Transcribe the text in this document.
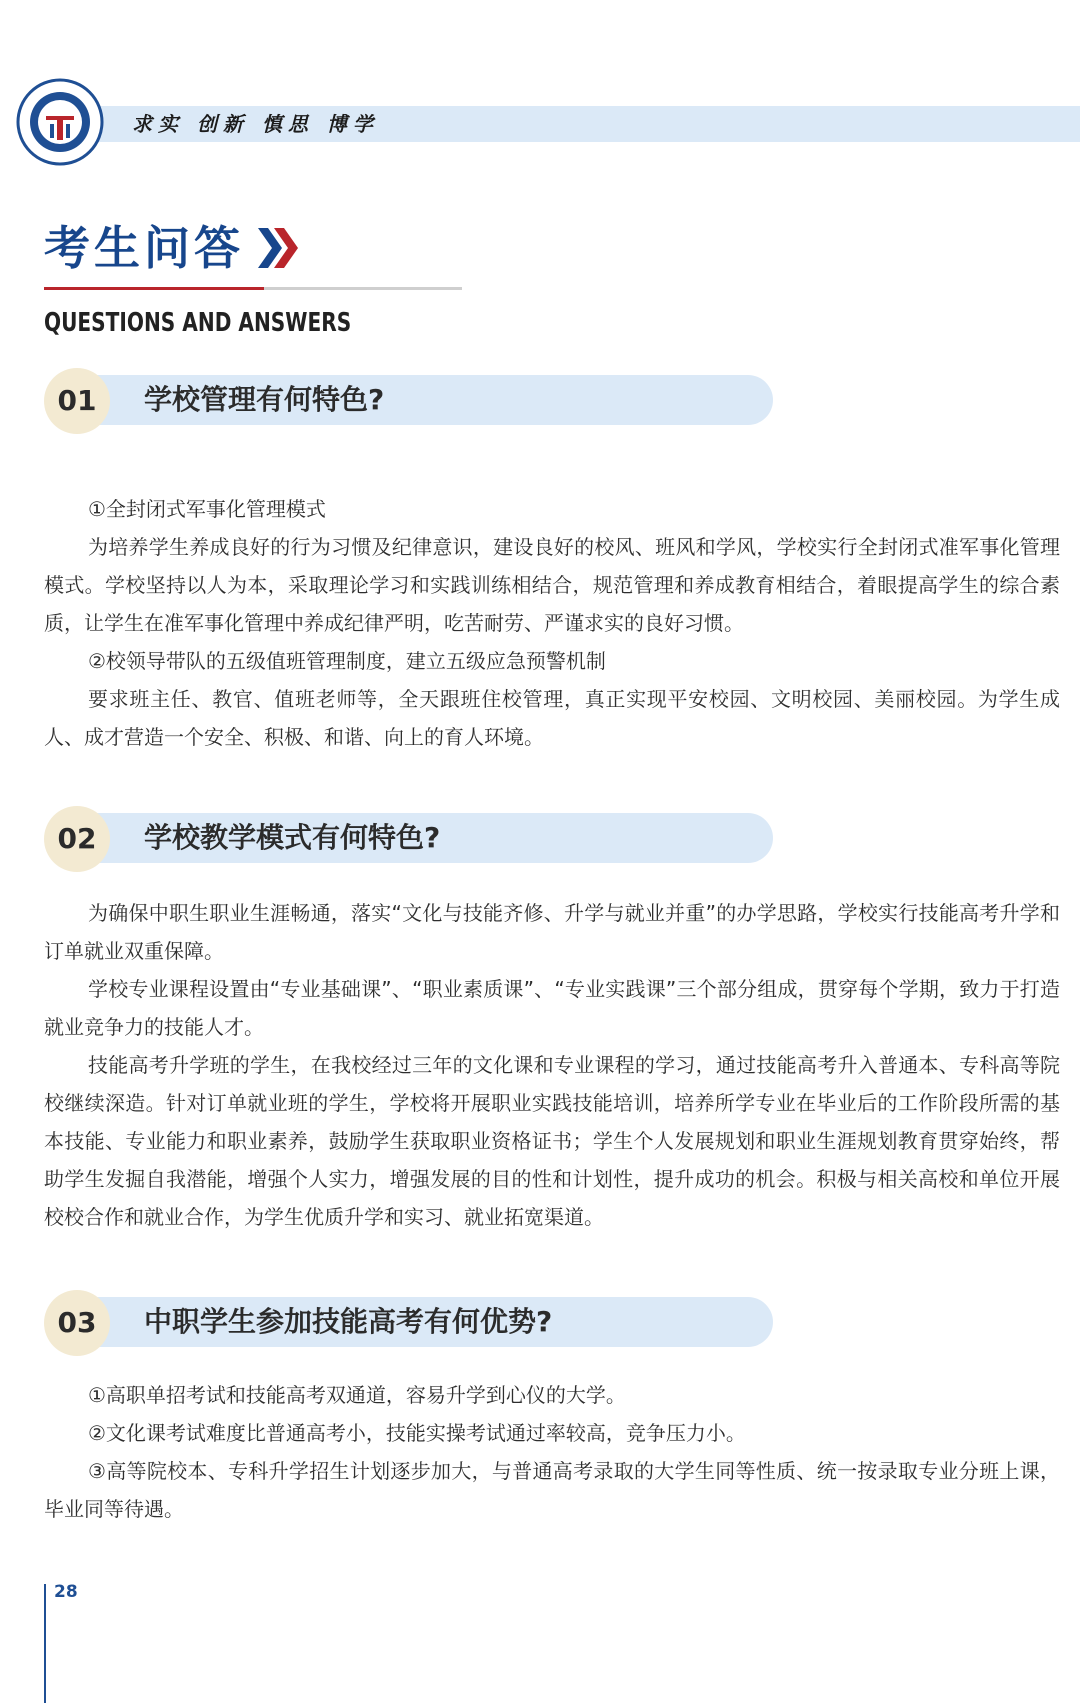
求实 创新 慎思 博学

考生问答

QUESTIONS AND ANSWERS

01	学校管理有何特色?

①全封闭式军事化管理模式

为培养学生养成良好的行为习惯及纪律意识，建设良好的校风、班风和学风，学校实行全封闭式准军事化管理模式。学校坚持以人为本，采取理论学习和实践训练相结合，规范管理和养成教育相结合，着眼提高学生的综合素质，让学生在准军事化管理中养成纪律严明，吃苦耐劳、严谨求实的良好习惯。

②校领导带队的五级值班管理制度，建立五级应急预警机制

要求班主任、教官、值班老师等，全天跟班住校管理，真正实现平安校园、文明校园、美丽校园。为学生成人、成才营造一个安全、积极、和谐、向上的育人环境。

02	学校教学模式有何特色?

为确保中职生职业生涯畅通，落实“文化与技能齐修、升学与就业并重”的办学思路，学校实行技能高考升学和订单就业双重保障。

学校专业课程设置由“专业基础课”、“职业素质课”、“专业实践课”三个部分组成，贯穿每个学期，致力于打造就业竞争力的技能人才。

技能高考升学班的学生，在我校经过三年的文化课和专业课程的学习，通过技能高考升入普通本、专科高等院校继续深造。针对订单就业班的学生，学校将开展职业实践技能培训，培养所学专业在毕业后的工作阶段所需的基本技能、专业能力和职业素养，鼓励学生获取职业资格证书；学生个人发展规划和职业生涯规划教育贯穿始终，帮助学生发掘自我潜能，增强个人实力，增强发展的目的性和计划性，提升成功的机会。积极与相关高校和单位开展校校合作和就业合作，为学生优质升学和实习、就业拓宽渠道。

03	中职学生参加技能高考有何优势?

①高职单招考试和技能高考双通道，容易升学到心仪的大学。

②文化课考试难度比普通高考小，技能实操考试通过率较高，竞争压力小。

③高等院校本、专科升学招生计划逐步加大，与普通高考录取的大学生同等性质、统一按录取专业分班上课，毕业同等待遇。

28
